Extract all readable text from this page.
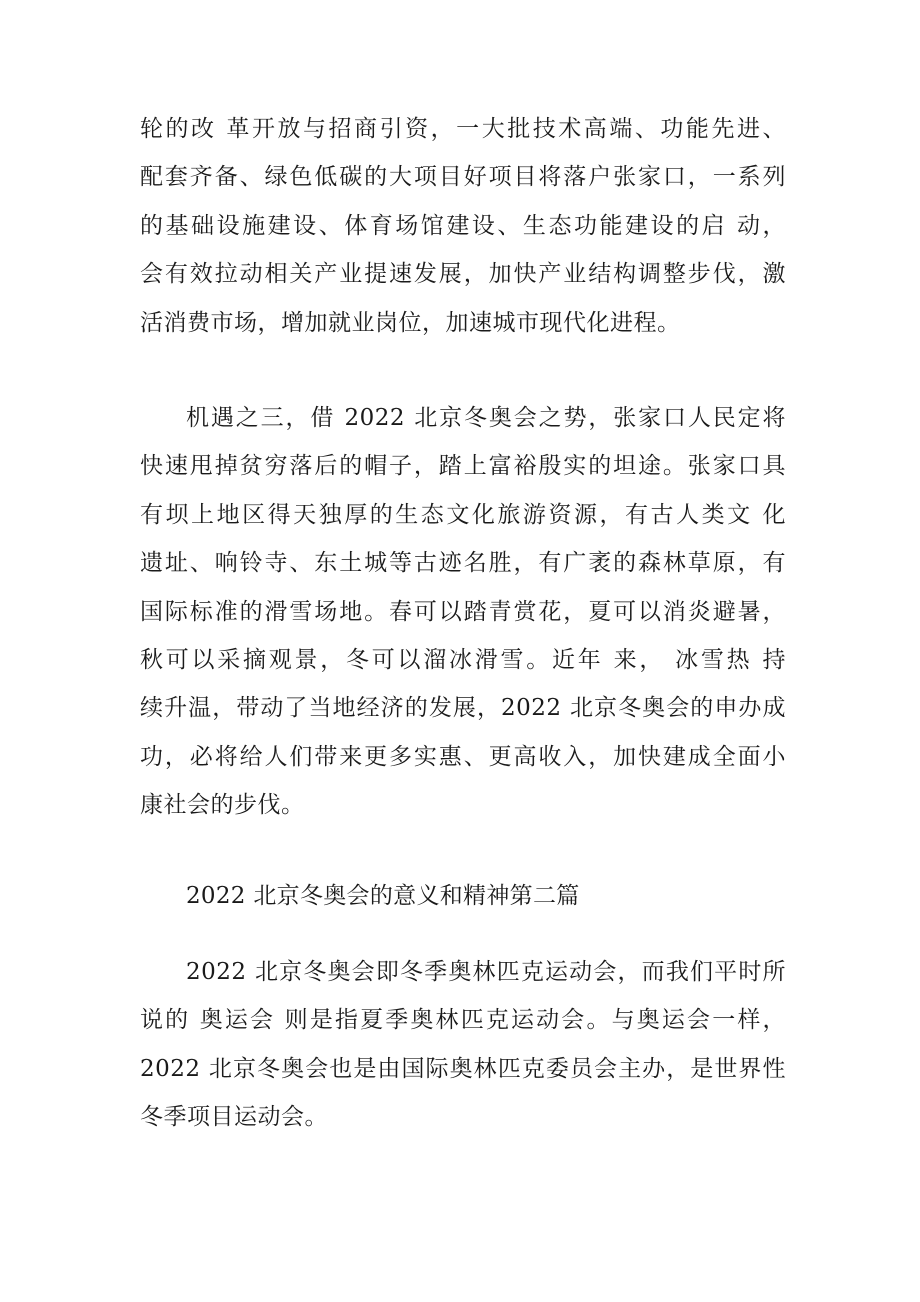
轮的改 革开放与招商引资，一大批技术高端、功能先进、
配套齐备、绿色低碳的大项目好项目将落户张家口，一系列
的基础设施建设、体育场馆建设、生态功能建设的启 动，
会有效拉动相关产业提速发展，加快产业结构调整步伐，激
活消费市场，增加就业岗位，加速城市现代化进程。
机遇之三，借 2022 北京冬奥会之势，张家口人民定将
快速甩掉贫穷落后的帽子，踏上富裕殷实的坦途。张家口具
有坝上地区得天独厚的生态文化旅游资源，有古人类文 化
遗址、响铃寺、东土城等古迹名胜，有广袤的森林草原，有
国际标准的滑雪场地。春可以踏青赏花，夏可以消炎避暑，
秋可以采摘观景，冬可以溜冰滑雪。近年 来， 冰雪热 持
续升温，带动了当地经济的发展，2022 北京冬奥会的申办成
功，必将给人们带来更多实惠、更高收入，加快建成全面小
康社会的步伐。
2022 北京冬奥会的意义和精神第二篇
2022 北京冬奥会即冬季奥林匹克运动会，而我们平时所
说的 奥运会 则是指夏季奥林匹克运动会。与奥运会一样，
2022 北京冬奥会也是由国际奥林匹克委员会主办，是世界性
冬季项目运动会。
